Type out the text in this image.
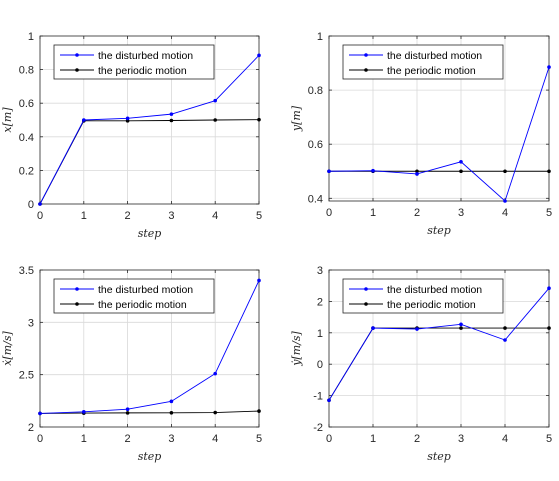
0	1	2	3	4	5
0
0.2
0.4
0.6
0.8
1
step
x[m]
the disturbed motion
the periodic motion
0	1	2	3	4	5
0.4
0.6
0.8
1
step
y[m]
the disturbed motion
the periodic motion
0	1	2	3	4	5
2
2.5
3
3.5
step
ẋ[m/s]
the disturbed motion
the periodic motion
0	1	2	3	4	5
-2
-1
0
1
2
3
step
ẏ[m/s]
the disturbed motion
the periodic motion
